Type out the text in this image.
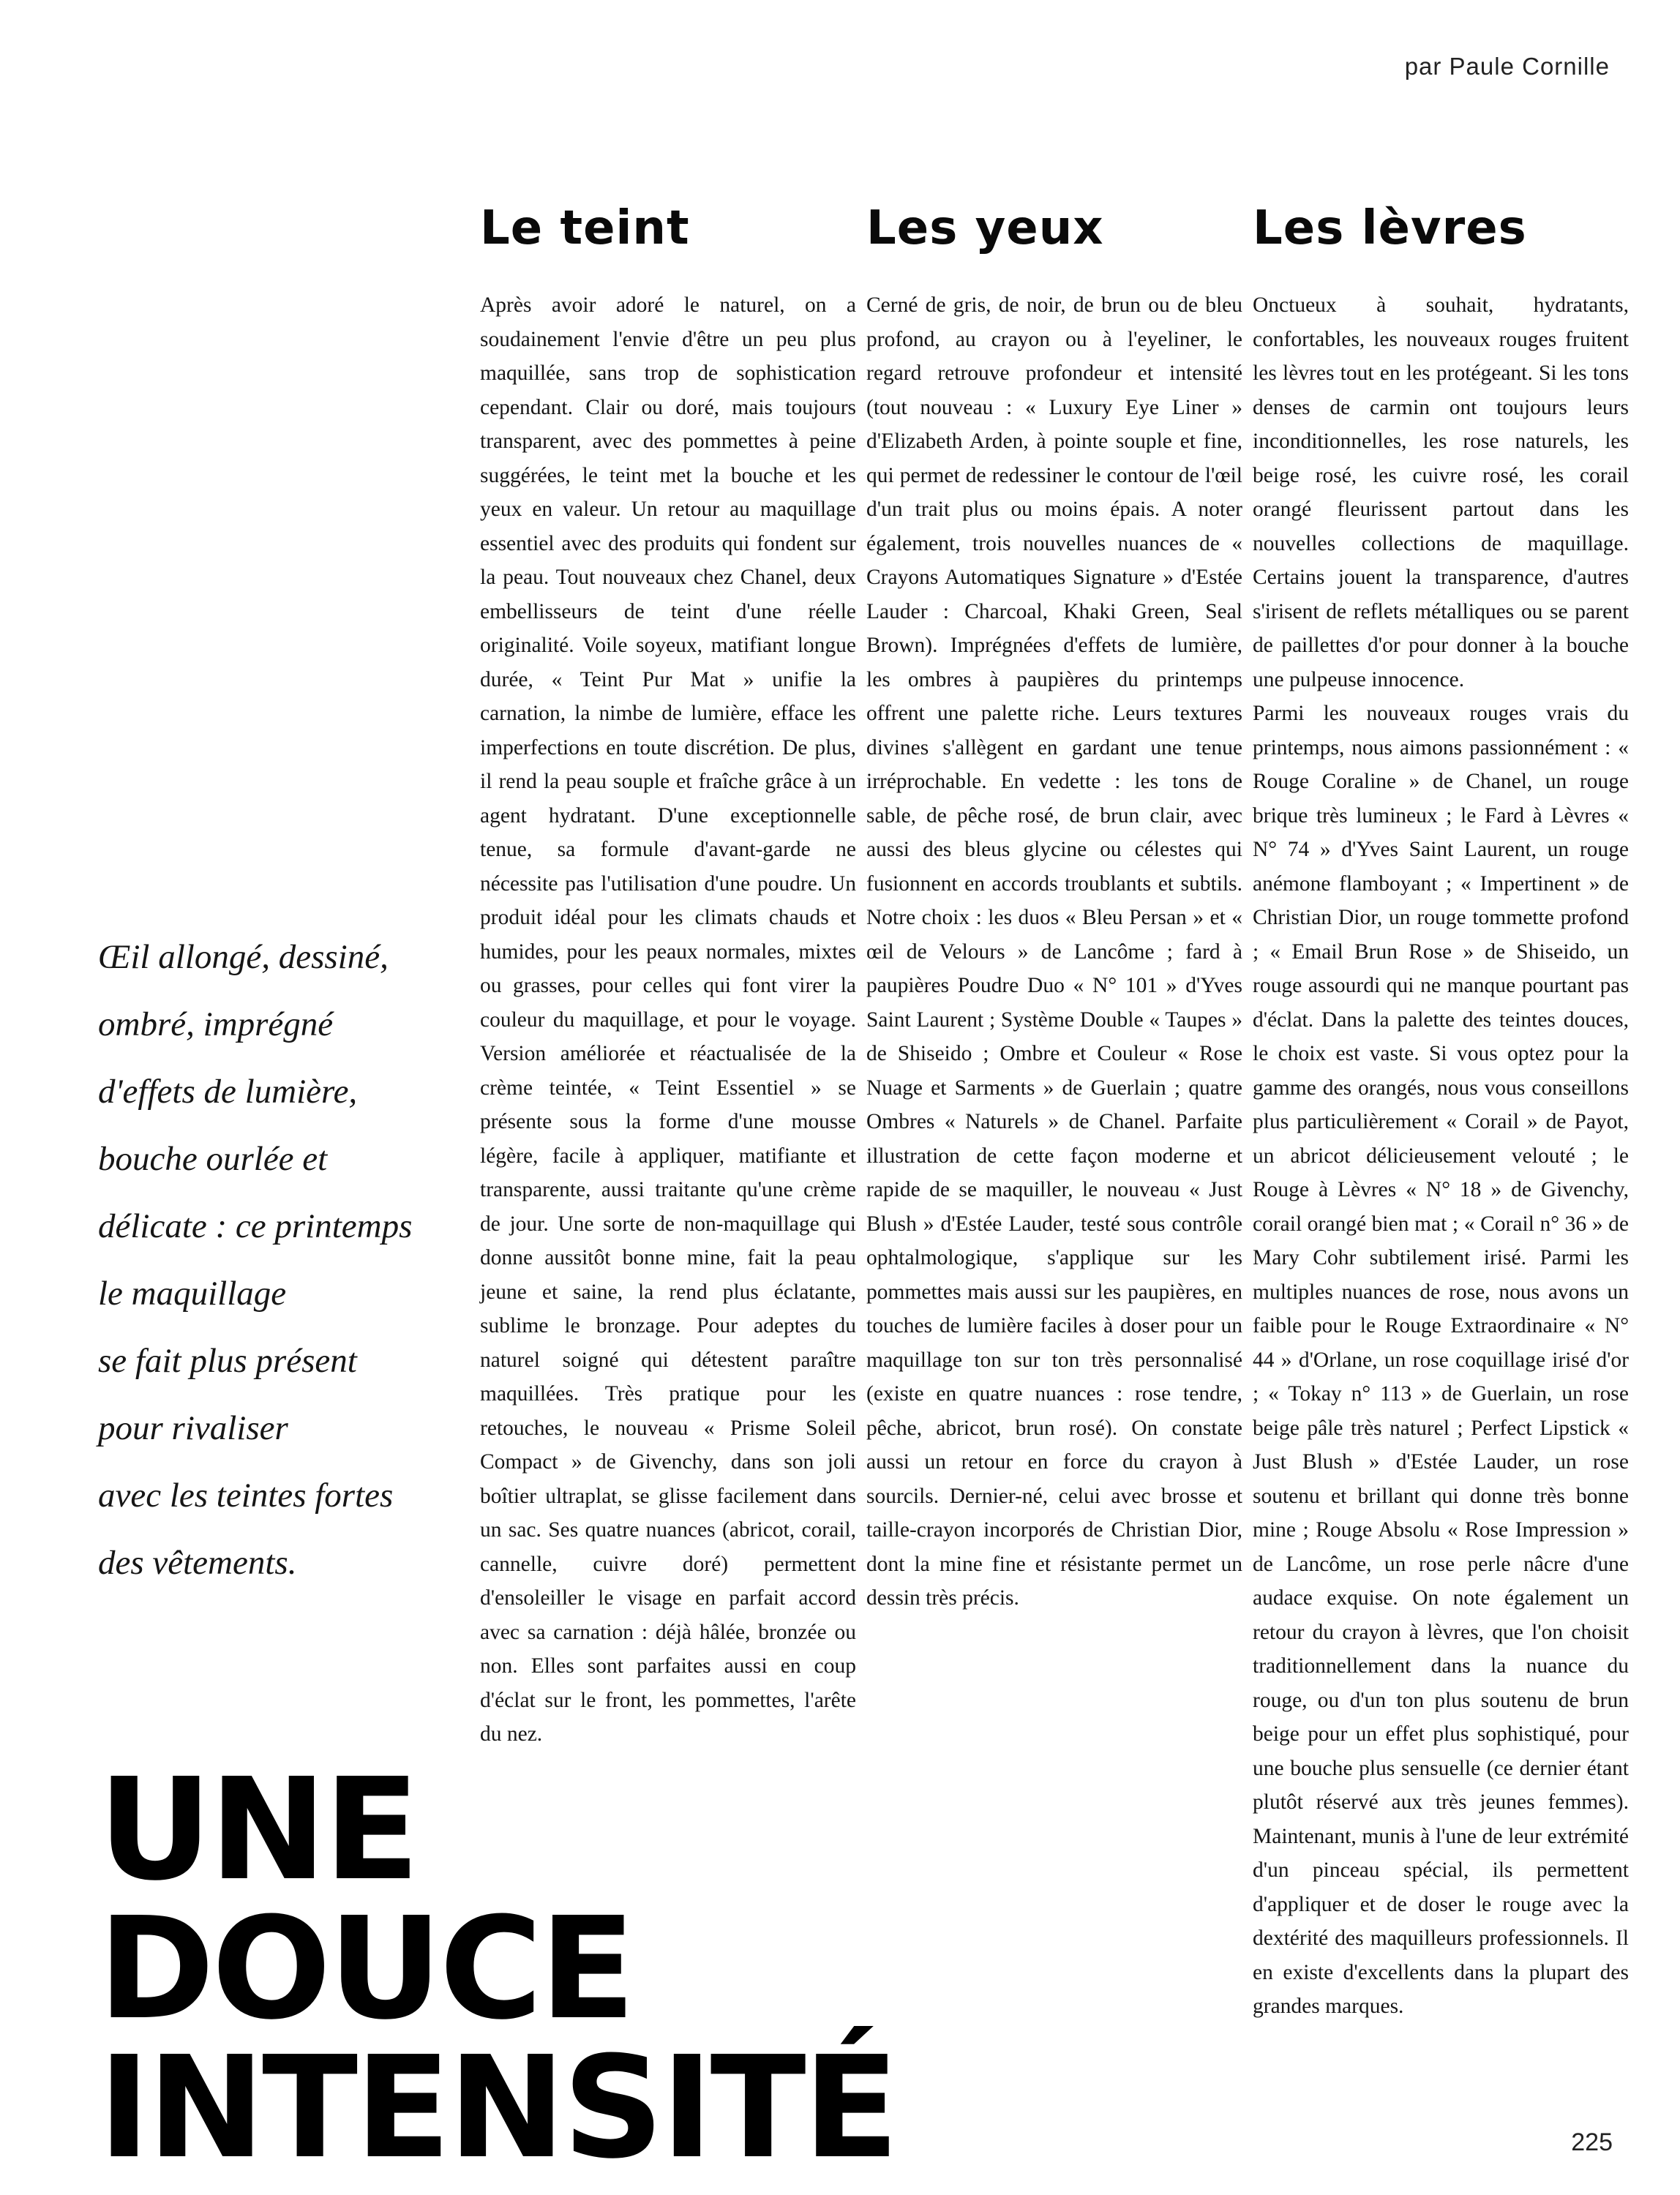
par Paule Cornille
Le teint

Après avoir adoré le naturel, on a soudainement l'envie d'être un peu plus maquillée, sans trop de sophistication cependant. Clair ou doré, mais toujours transparent, avec des pommettes à peine suggérées, le teint met la bouche et les yeux en valeur. Un retour au maquillage essentiel avec des produits qui fondent sur la peau. Tout nouveaux chez Chanel, deux embellisseurs de teint d'une réelle originalité. Voile soyeux, matifiant longue durée, « Teint Pur Mat » unifie la carnation, la nimbe de lumière, efface les imperfections en toute discrétion. De plus, il rend la peau souple et fraîche grâce à un agent hydratant. D'une exceptionnelle tenue, sa formule d'avant-garde ne nécessite pas l'utilisation d'une poudre. Un produit idéal pour les climats chauds et humides, pour les peaux normales, mixtes ou grasses, pour celles qui font virer la couleur du maquillage, et pour le voyage. Version améliorée et réactualisée de la crème teintée, « Teint Essentiel » se présente sous la forme d'une mousse légère, facile à appliquer, matifiante et transparente, aussi traitante qu'une crème de jour. Une sorte de non-maquillage qui donne aussitôt bonne mine, fait la peau jeune et saine, la rend plus éclatante, sublime le bronzage. Pour adeptes du naturel soigné qui détestent paraître maquillées. Très pratique pour les retouches, le nouveau « Prisme Soleil Compact » de Givenchy, dans son joli boîtier ultraplat, se glisse facilement dans un sac. Ses quatre nuances (abricot, corail, cannelle, cuivre doré) permettent d'ensoleiller le visage en parfait accord avec sa carnation : déjà hâlée, bronzée ou non. Elles sont parfaites aussi en coup d'éclat sur le front, les pommettes, l'arête du nez.

Les yeux

Cerné de gris, de noir, de brun ou de bleu profond, au crayon ou à l'eyeliner, le regard retrouve profondeur et intensité (tout nouveau : « Luxury Eye Liner » d'Elizabeth Arden, à pointe souple et fine, qui permet de redessiner le contour de l'œil d'un trait plus ou moins épais. A noter également, trois nouvelles nuances de « Crayons Automatiques Signature » d'Estée Lauder : Charcoal, Khaki Green, Seal Brown). Imprégnées d'effets de lumière, les ombres à paupières du printemps offrent une palette riche. Leurs textures divines s'allègent en gardant une tenue irréprochable. En vedette : les tons de sable, de pêche rosé, de brun clair, avec aussi des bleus glycine ou célestes qui fusionnent en accords troublants et subtils. Notre choix : les duos « Bleu Persan » et « œil de Velours » de Lancôme ; fard à paupières Poudre Duo « N° 101 » d'Yves Saint Laurent ; Système Double « Taupes » de Shiseido ; Ombre et Couleur « Rose Nuage et Sarments » de Guerlain ; quatre Ombres « Naturels » de Chanel. Parfaite illustration de cette façon moderne et rapide de se maquiller, le nouveau « Just Blush » d'Estée Lauder, testé sous contrôle ophtalmologique, s'applique sur les pommettes mais aussi sur les paupières, en touches de lumière faciles à doser pour un maquillage ton sur ton très personnalisé (existe en quatre nuances : rose tendre, pêche, abricot, brun rosé). On constate aussi un retour en force du crayon à sourcils. Dernier-né, celui avec brosse et taille-crayon incorporés de Christian Dior, dont la mine fine et résistante permet un dessin très précis.

Les lèvres

Onctueux à souhait, hydratants, confortables, les nouveaux rouges fruitent les lèvres tout en les protégeant. Si les tons denses de carmin ont toujours leurs inconditionnelles, les rose naturels, les beige rosé, les cuivre rosé, les corail orangé fleurissent partout dans les nouvelles collections de maquillage. Certains jouent la transparence, d'autres s'irisent de reflets métalliques ou se parent de paillettes d'or pour donner à la bouche une pulpeuse innocence.

Parmi les nouveaux rouges vrais du printemps, nous aimons passionnément : « Rouge Coraline » de Chanel, un rouge brique très lumineux ; le Fard à Lèvres « N° 74 » d'Yves Saint Laurent, un rouge anémone flamboyant ; « Impertinent » de Christian Dior, un rouge tommette profond ; « Email Brun Rose » de Shiseido, un rouge assourdi qui ne manque pourtant pas d'éclat. Dans la palette des teintes douces, le choix est vaste. Si vous optez pour la gamme des orangés, nous vous conseillons plus particulièrement « Corail » de Payot, un abricot délicieusement velouté ; le Rouge à Lèvres « N° 18 » de Givenchy, corail orangé bien mat ; « Corail n° 36 » de Mary Cohr subtilement irisé. Parmi les multiples nuances de rose, nous avons un faible pour le Rouge Extraordinaire « N° 44 » d'Orlane, un rose coquillage irisé d'or ; « Tokay n° 113 » de Guerlain, un rose beige pâle très naturel ; Perfect Lipstick « Just Blush » d'Estée Lauder, un rose soutenu et brillant qui donne très bonne mine ; Rouge Absolu « Rose Impression » de Lancôme, un rose perle nâcre d'une audace exquise. On note également un retour du crayon à lèvres, que l'on choisit traditionnellement dans la nuance du rouge, ou d'un ton plus soutenu de brun beige pour un effet plus sophistiqué, pour une bouche plus sensuelle (ce dernier étant plutôt réservé aux très jeunes femmes). Maintenant, munis à l'une de leur extrémité d'un pinceau spécial, ils permettent d'appliquer et de doser le rouge avec la dextérité des maquilleurs professionnels. Il en existe d'excellents dans la plupart des grandes marques.

Œil allongé, dessiné,
ombré, imprégné
d'effets de lumière,
bouche ourlée et
délicate : ce printemps
le maquillage
se fait plus présent
pour rivaliser
avec les teintes fortes
des vêtements.
UNE
DOUCE
INTENSITÉ	225
